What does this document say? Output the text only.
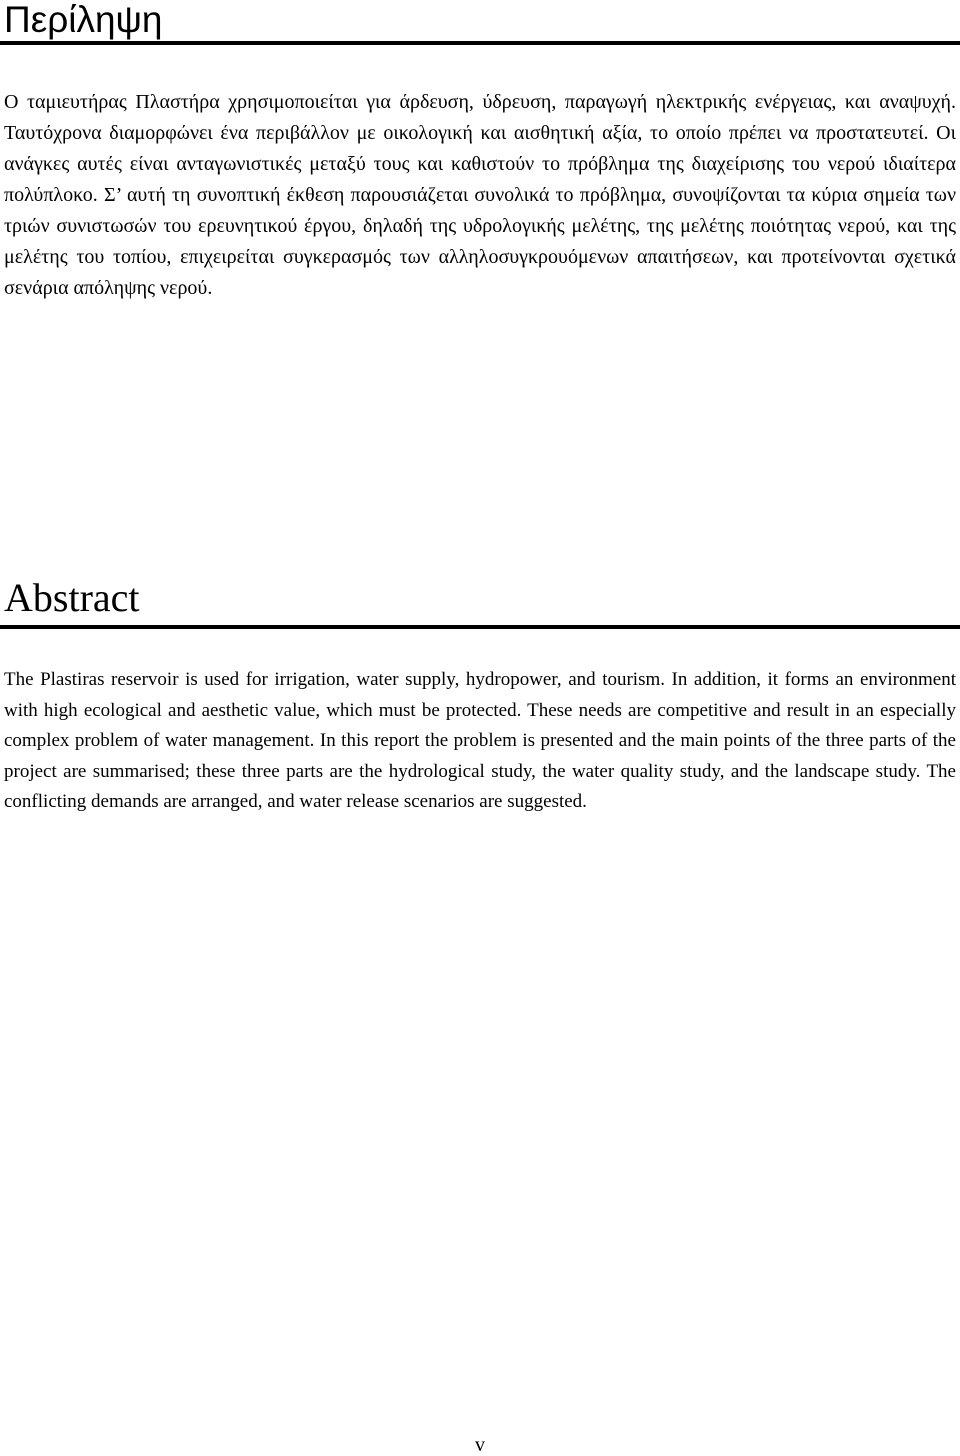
Περίληψη

Ο ταμιευτήρας Πλαστήρα χρησιμοποιείται για άρδευση, ύδρευση, παραγωγή ηλεκτρικής ενέργειας, και αναψυχή. Ταυτόχρονα διαμορφώνει ένα περιβάλλον με οικολογική και αισθητική αξία, το οποίο πρέπει να προστατευτεί. Οι ανάγκες αυτές είναι ανταγωνιστικές μεταξύ τους και καθιστούν το πρόβλημα της διαχείρισης του νερού ιδιαίτερα πολύπλοκο. Σ’ αυτή τη συνοπτική έκθεση παρουσιάζεται συνολικά το πρόβλημα, συνοψίζονται τα κύρια σημεία των τριών συνιστωσών του ερευνητικού έργου, δηλαδή της υδρολογικής μελέτης, της μελέτης ποιότητας νερού, και της μελέτης του τοπίου, επιχειρείται συγκερασμός των αλληλοσυγκρουόμενων απαιτήσεων, και προτείνονται σχετικά σενάρια απόληψης νερού.

Abstract

The Plastiras reservoir is used for irrigation, water supply, hydropower, and tourism. In addition, it forms an environment with high ecological and aesthetic value, which must be protected. These needs are competitive and result in an especially complex problem of water management. In this report the problem is presented and the main points of the three parts of the project are summarised; these three parts are the hydrological study, the water quality study, and the landscape study. The conflicting demands are arranged, and water release scenarios are suggested.

v
